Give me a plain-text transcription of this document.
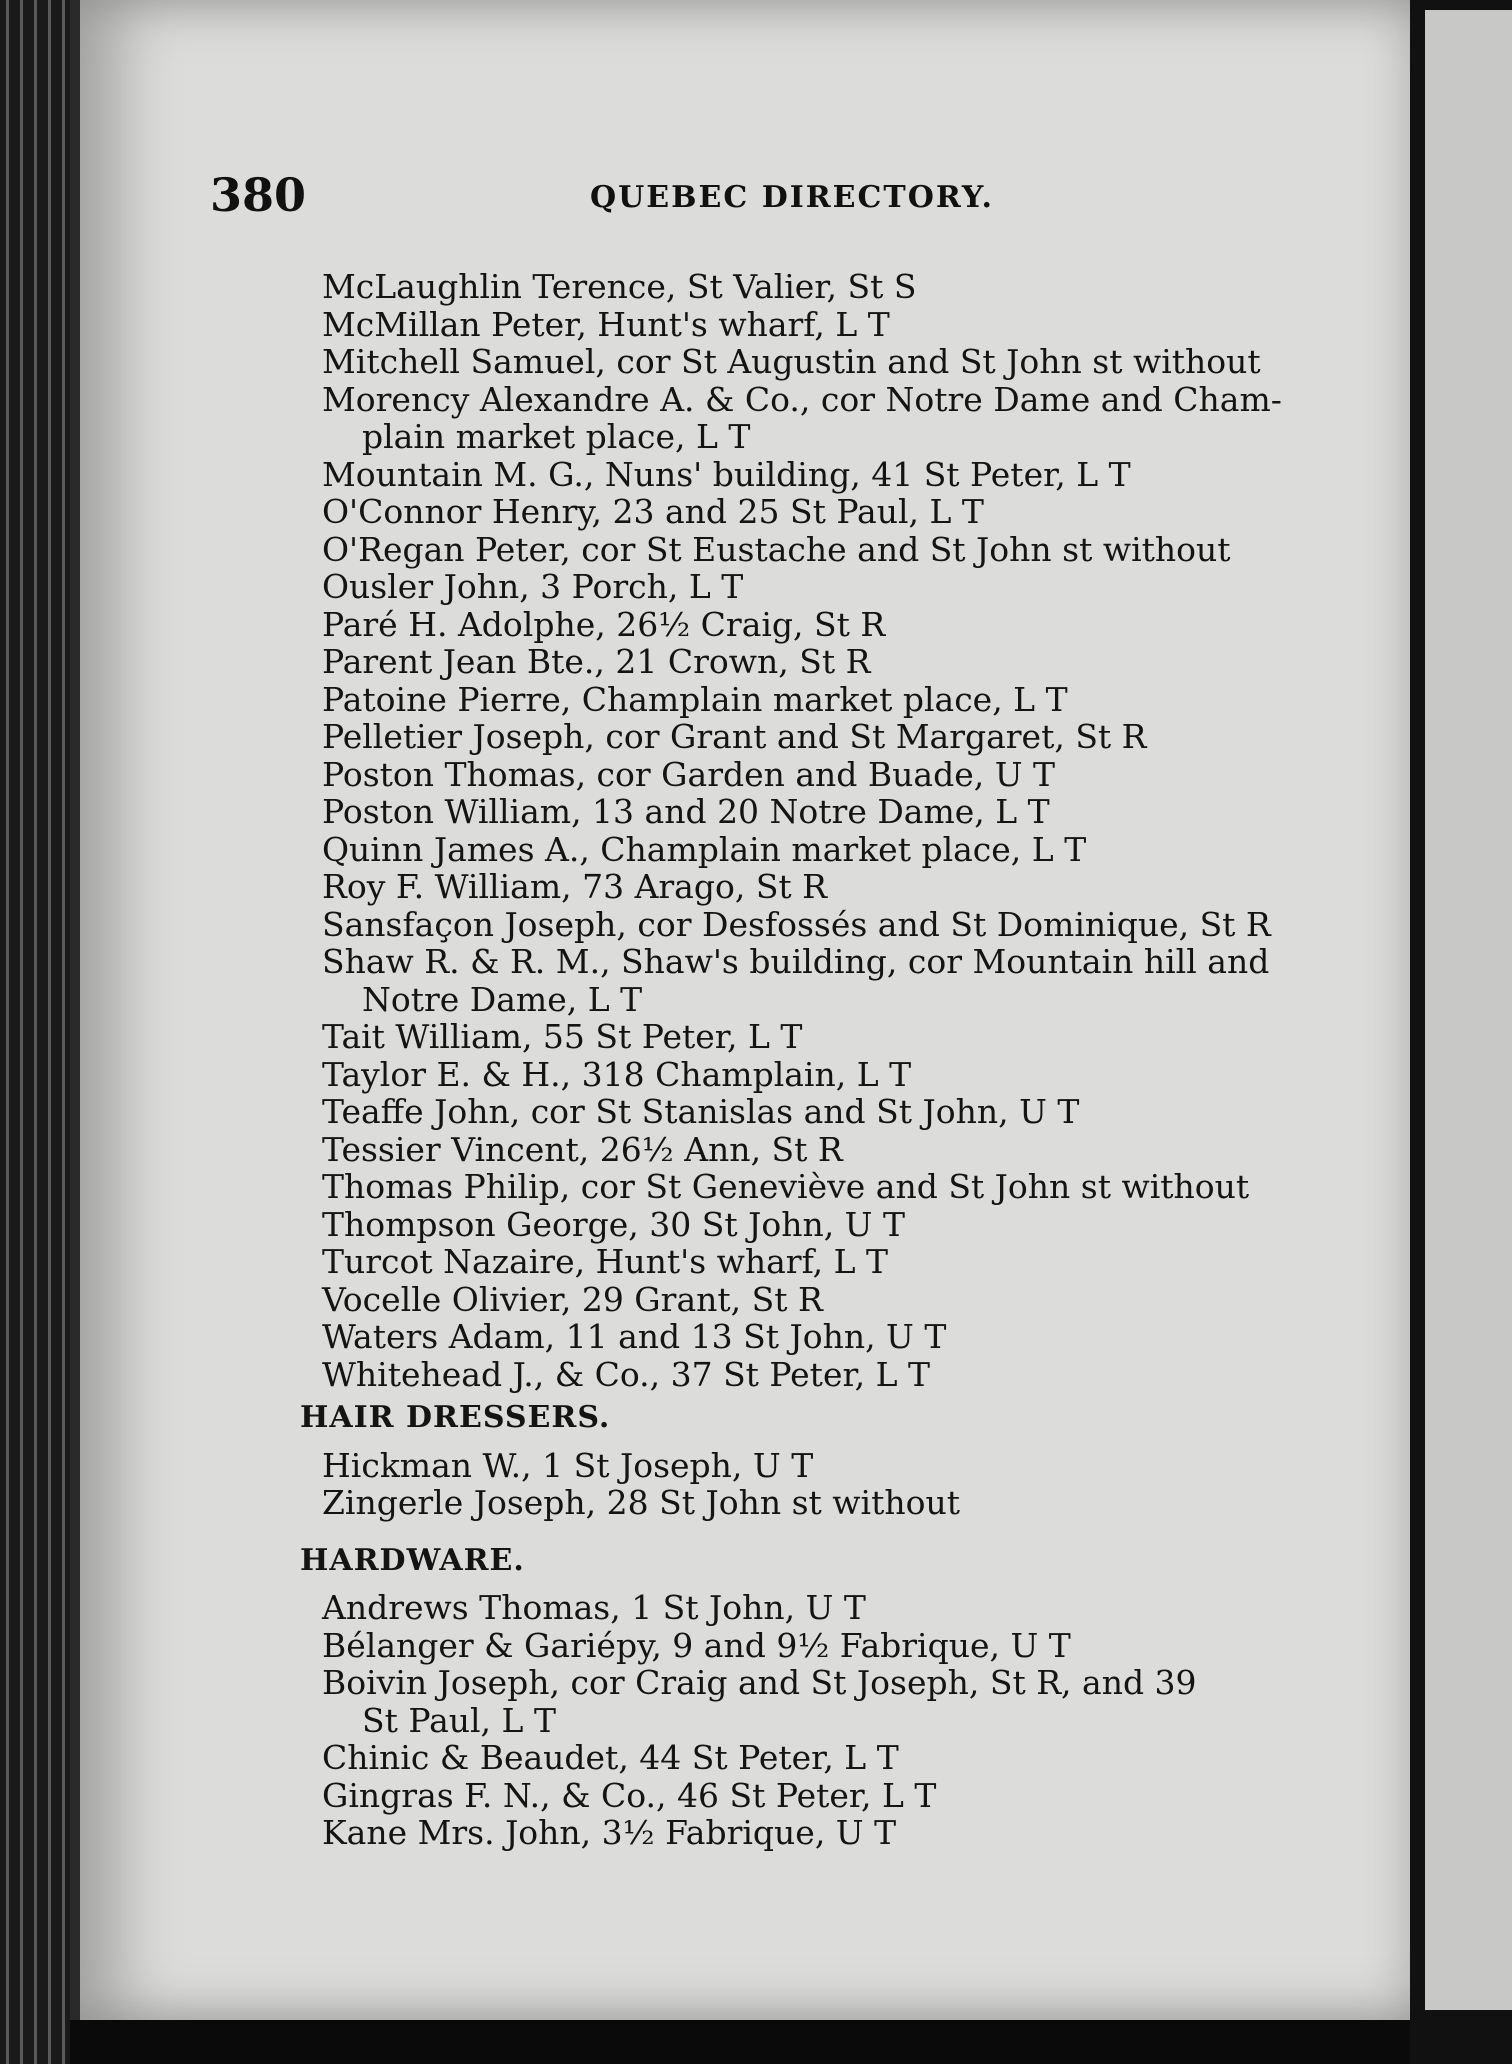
380	QUEBEC DIRECTORY.
McLaughlin Terence, St Valier, St S
McMillan Peter, Hunt's wharf, L T
Mitchell Samuel, cor St Augustin and St John st without
Morency Alexandre A. & Co., cor Notre Dame and Cham-
plain market place, L T
Mountain M. G., Nuns' building, 41 St Peter, L T
O'Connor Henry, 23 and 25 St Paul, L T
O'Regan Peter, cor St Eustache and St John st without
Ousler John, 3 Porch, L T
Paré H. Adolphe, 26½ Craig, St R
Parent Jean Bte., 21 Crown, St R
Patoine Pierre, Champlain market place, L T
Pelletier Joseph, cor Grant and St Margaret, St R
Poston Thomas, cor Garden and Buade, U T
Poston William, 13 and 20 Notre Dame, L T
Quinn James A., Champlain market place, L T
Roy F. William, 73 Arago, St R
Sansfaçon Joseph, cor Desfossés and St Dominique, St R
Shaw R. & R. M., Shaw's building, cor Mountain hill and
Notre Dame, L T
Tait William, 55 St Peter, L T
Taylor E. & H., 318 Champlain, L T
Teaffe John, cor St Stanislas and St John, U T
Tessier Vincent, 26½ Ann, St R
Thomas Philip, cor St Geneviève and St John st without
Thompson George, 30 St John, U T
Turcot Nazaire, Hunt's wharf, L T
Vocelle Olivier, 29 Grant, St R
Waters Adam, 11 and 13 St John, U T
Whitehead J., & Co., 37 St Peter, L T
HAIR DRESSERS.
Hickman W., 1 St Joseph, U T
Zingerle Joseph, 28 St John st without
HARDWARE.
Andrews Thomas, 1 St John, U T
Bélanger & Gariépy, 9 and 9½ Fabrique, U T
Boivin Joseph, cor Craig and St Joseph, St R, and 39
St Paul, L T
Chinic & Beaudet, 44 St Peter, L T
Gingras F. N., & Co., 46 St Peter, L T
Kane Mrs. John, 3½ Fabrique, U T
